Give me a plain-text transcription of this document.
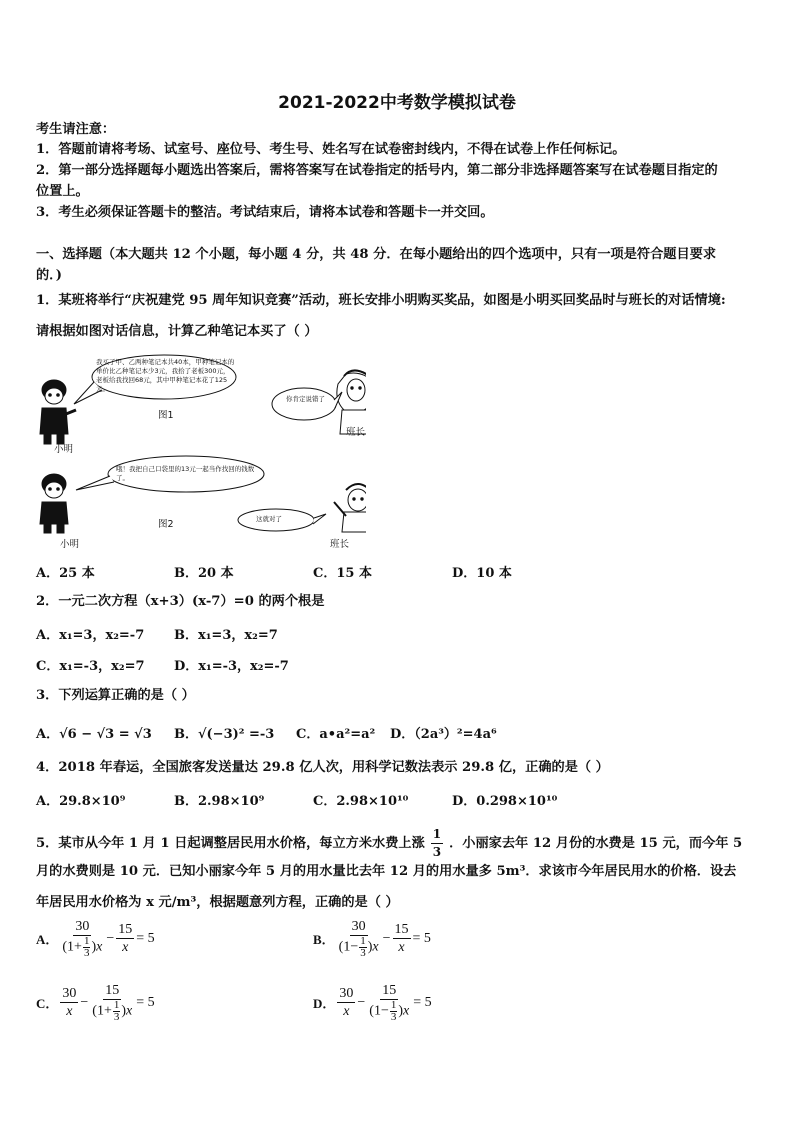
2021-2022中考数学模拟试卷
考生请注意：
1．答题前请将考场、试室号、座位号、考生号、姓名写在试卷密封线内，不得在试卷上作任何标记。
2．第一部分选择题每小题选出答案后，需将答案写在试卷指定的括号内，第二部分非选择题答案写在试卷题目指定的
位置上。
3．考生必须保证答题卡的整洁。考试结束后，请将本试卷和答题卡一并交回。
一、选择题（本大题共 12 个小题，每小题 4 分，共 48 分．在每小题给出的四个选项中，只有一项是符合题目要求
的．)
1．某班将举行“庆祝建党 95 周年知识竞赛”活动，班长安排小明购买奖品，如图是小明买回奖品时与班长的对话情境:
请根据如图对话信息，计算乙种笔记本买了（ ）
我买了甲、乙两种笔记本共40本，甲种笔记本的单价比乙种笔记本少3元，我拾了老板300元，老板给我找回68元，其中甲种笔记本花了125元。
图1
你肯定说错了
小明
班长
哦！我把自己口袋里的13元一起当作找回的钱数了。
图2	这就对了
小明	班长
A．25 本	B．20 本	C．15 本	D．10 本
2．一元二次方程（x+3）(x-7）=0 的两个根是
A．x₁=3，x₂=-7 B．x₁=3，x₂=7
C．x₁=-3，x₂=7 D．x₁=-3，x₂=-7
3．下列运算正确的是（ ）
A．√6 − √3 = √3 B．√(−3)² =-3 C．a•a²=a² D．（2a³）²=4a⁶
4．2018 年春运，全国旅客发送量达 29.8 亿人次，用科学记数法表示 29.8 亿，正确的是（ ）
A．29.8×10⁹	B．2.98×10⁹	C．2.98×10¹⁰	D．0.298×10¹⁰
5．某市从今年 1 月 1 日起调整居民用水价格，每立方米水费上涨 $\frac{1}{3}$ ．小丽家去年 12 月份的水费是 15 元，而今年 5
月的水费则是 10 元．已知小丽家今年 5 月的用水量比去年 12 月的用水量多 5m³．求该市今年居民用水的价格．设去
年居民用水价格为 x 元/m³，根据题意列方程，正确的是（ ）
A． $\frac{30}{(1+ \frac{1}{3} )x} - \frac{15}{x} = 5$	B． $\frac{30}{(1- \frac{1}{3} )x} - \frac{15}{x} = 5$
C． $\frac{30}{x} - \frac{15}{(1+ \frac{1}{3} )x} = 5$	D． $\frac{30}{x} - \frac{15}{(1- \frac{1}{3} )x} = 5$
